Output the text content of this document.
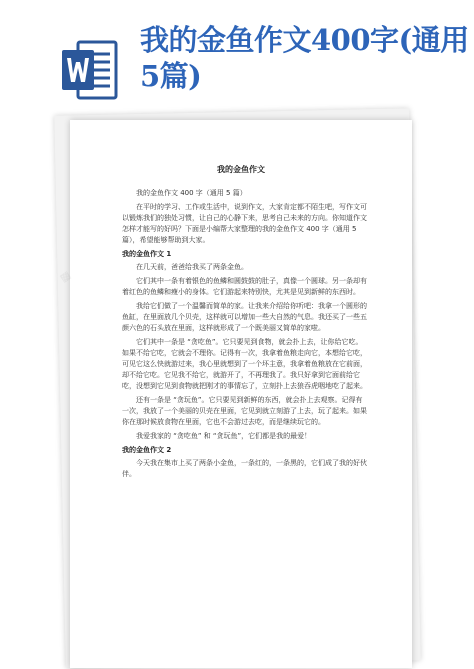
我的金鱼作文400字(通用5篇)
▩
我的金鱼作文

我的金鱼作文 400 字（通用 5 篇）

在平时的学习、工作或生活中，说到作文，大家肯定都不陌生吧，写作文可以锻炼我们的独处习惯，让自己的心静下来，思考自己未来的方向。你知道作文怎样才能写的好吗？下面是小编帮大家整理的我的金鱼作文 400 字（通用 5 篇），希望能够帮助到大家。

我的金鱼作文 1

在几天前，爸爸给我买了两条金鱼。

它们其中一条有着银色的鱼鳞和圆鼓鼓的肚子，真像一个圆球。另一条却有着红色的鱼鳞和瘦小的身体。它们游起来特别快，尤其是见到新鲜的东西时。

我给它们做了一个温馨而简单的家。让我来介绍给你听吧：我拿一个圆形的鱼缸，在里面放几个贝壳，这样就可以增加一些大自然的气息。我还买了一些五颜六色的石头放在里面，这样就形成了一个既美丽又简单的家啦。

它们其中一条是 “贪吃鱼”。它只要见到食物，就会扑上去，让你给它吃。如果不给它吃，它就会不理你。记得有一次，我拿着鱼粮走向它，本想给它吃，可见它这么快就游过来，我心里就想到了一个坏主意，我拿着鱼粮放在它前面，却不给它吃。它见我不给它，就游开了，不再理我了。我只好拿到它面前给它吃，没想到它见到食物就把刚才的事情忘了，立刻扑上去狼吞虎咽地吃了起来。

还有一条是 “贪玩鱼”。它只要见到新鲜的东西，就会扑上去观察。记得有一次，我放了一个美丽的贝壳在里面，它见到就立刻游了上去，玩了起来。如果你在那时候放食物在里面，它也不会游过去吃，而是继续玩它的。

我爱我家的 “贪吃鱼” 和 “贪玩鱼”，它们都是我的最爱！

我的金鱼作文 2

今天我在集市上买了两条小金鱼，一条红的，一条黑的，它们成了我的好伙伴。
